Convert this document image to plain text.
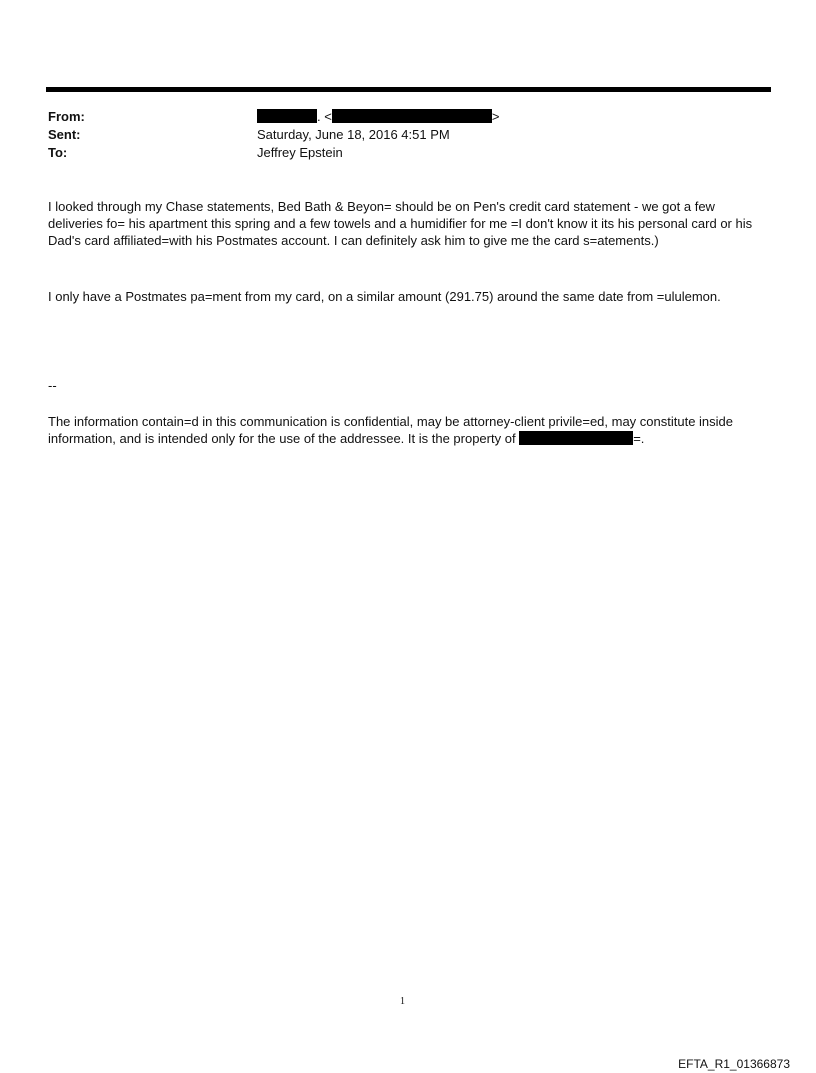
From:	. <	>
Sent:	Saturday, June 18, 2016 4:51 PM
To:	Jeffrey Epstein
I looked through my Chase statements, Bed Bath & Beyon= should be on Pen's credit card statement - we got a few deliveries fo= his apartment this spring and a few towels and a humidifier for me =I don't know it its his personal card or his Dad's card affiliated=with his Postmates account. I can definitely ask him to give me the card s=atements.)
I only have a Postmates pa=ment from my card, on a similar amount (291.75) around the same date from =ululemon.
--
The information contain=d in this communication is confidential, may be attorney-client privile=ed, may constitute inside information, and is intended only for the use of the addressee. It is the property of	=.
1
EFTA_R1_01366873
